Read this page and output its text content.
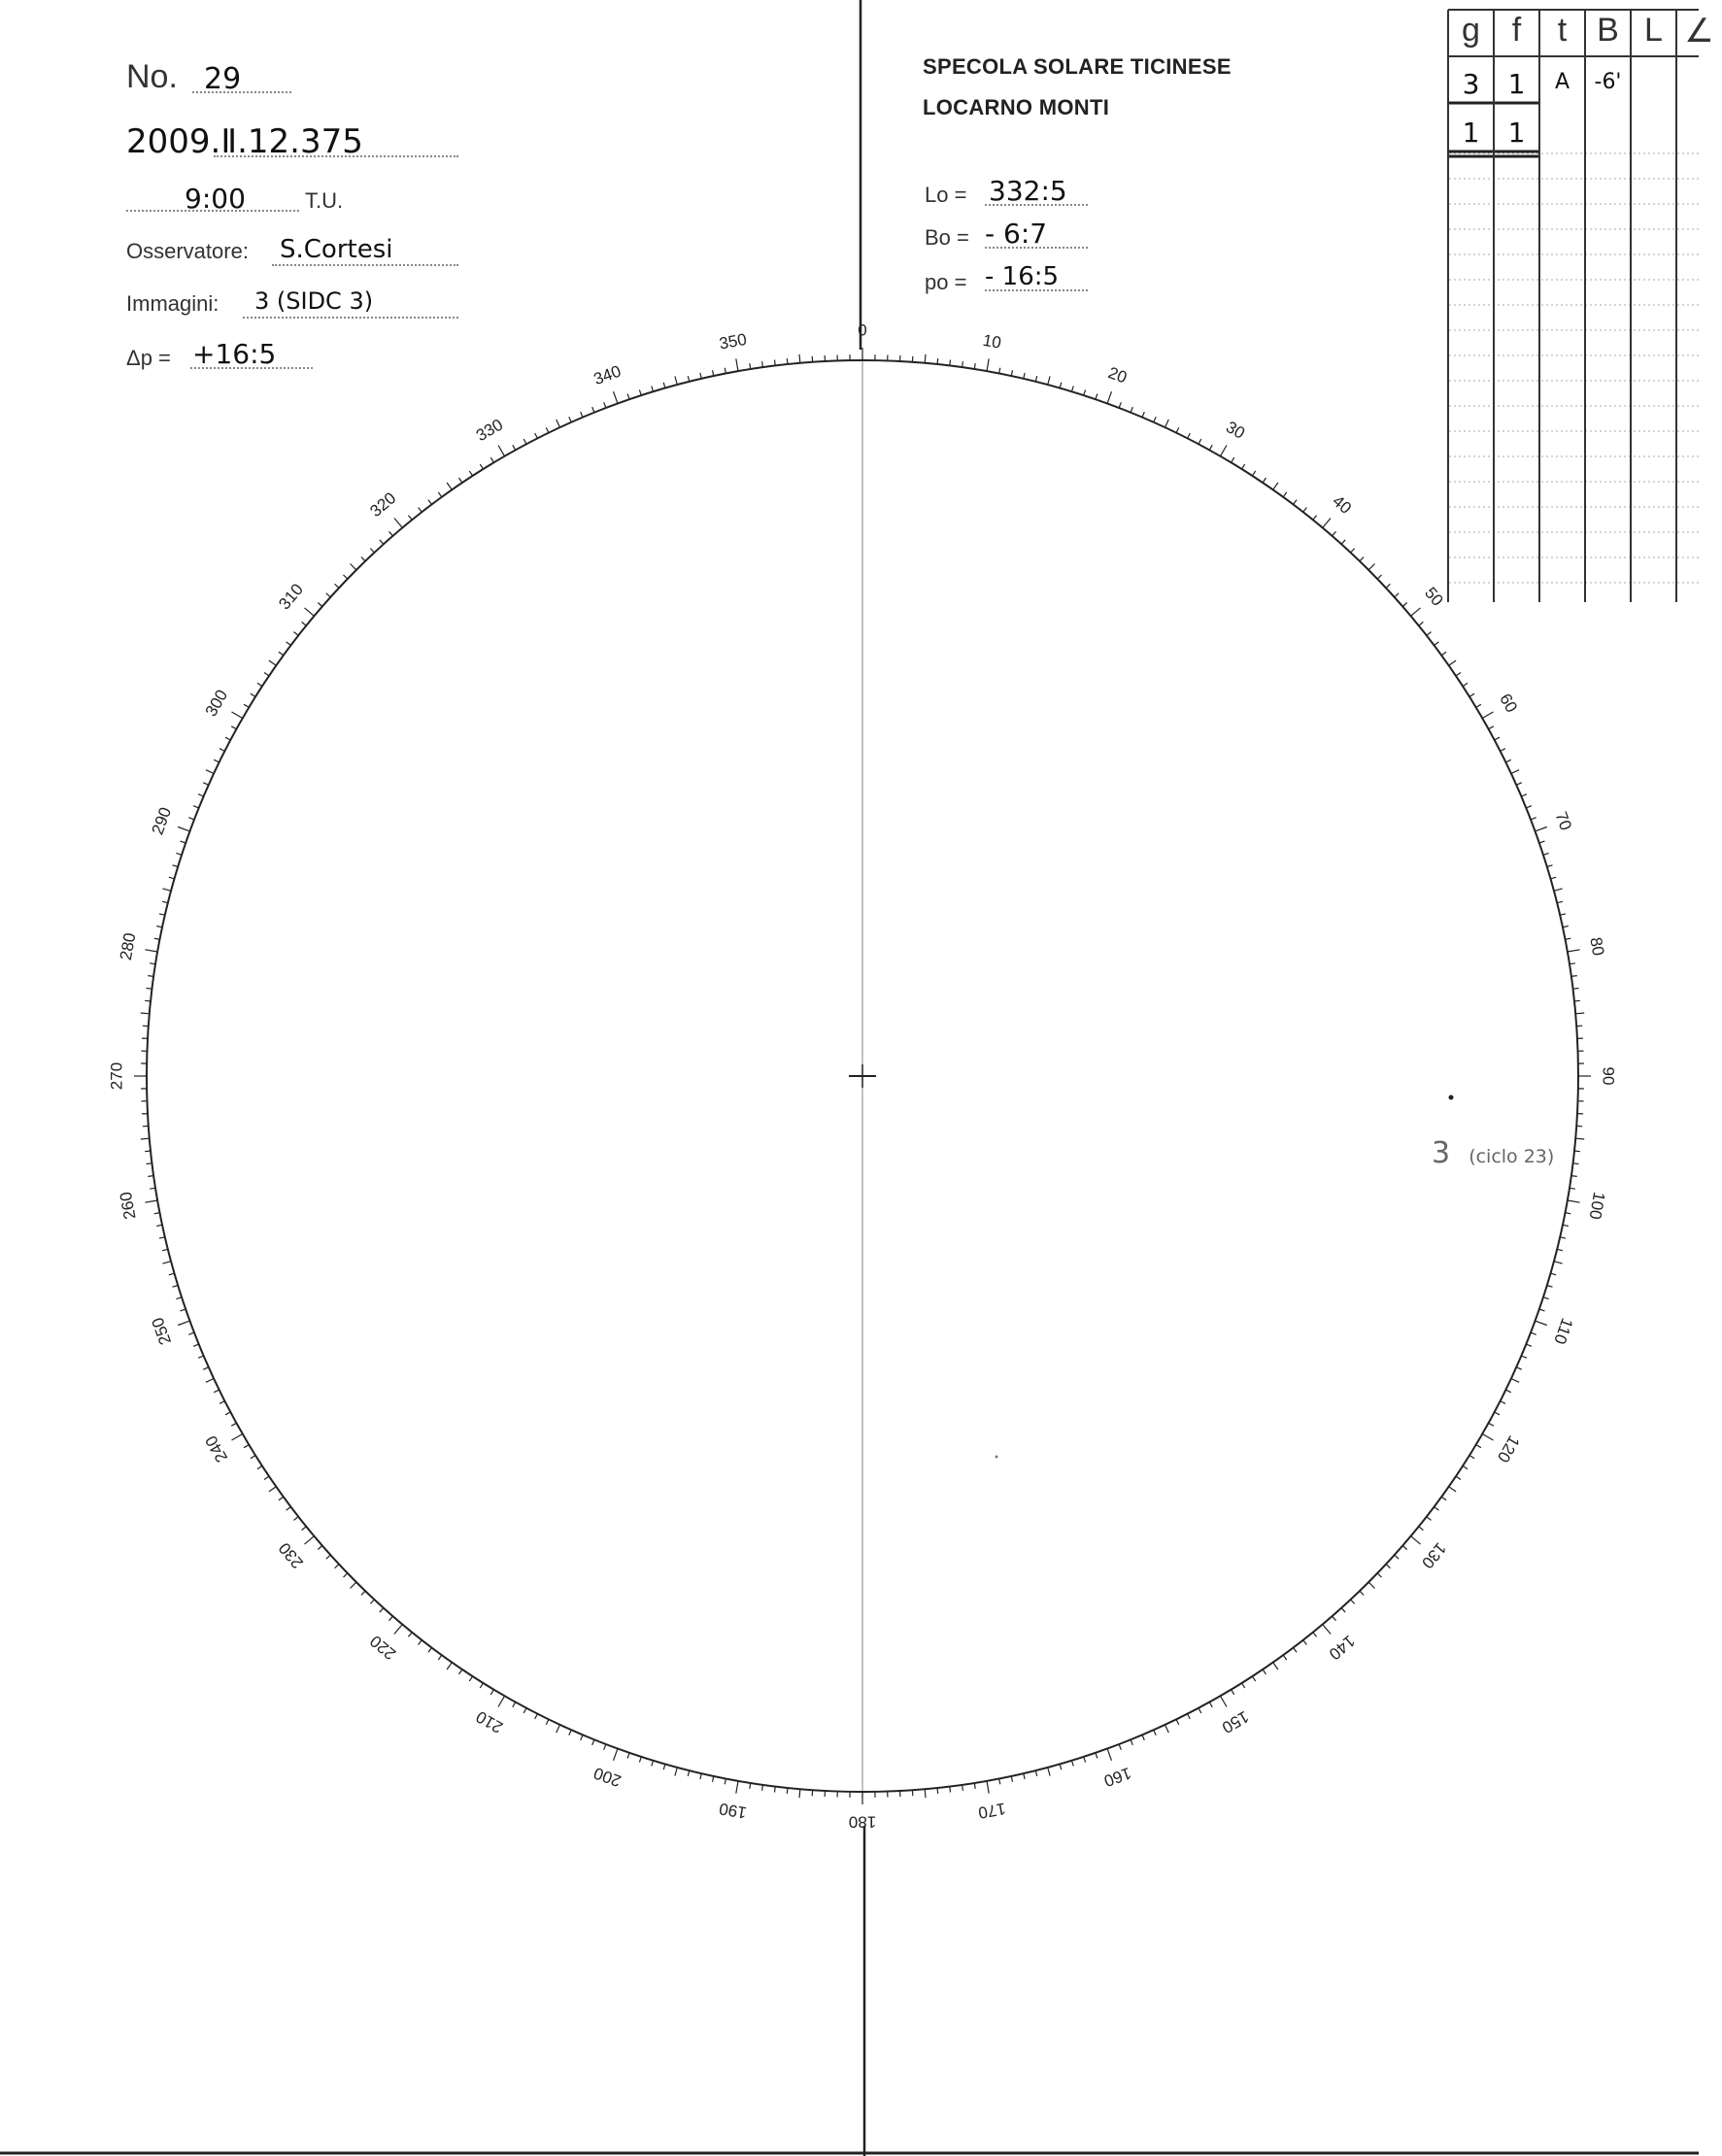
No. 29
2009.Ⅱ.12.375
9:00	T.U.
Osservatore: S.Cortesi
Immagini: 3 (SIDC 3)
Δp = +16:5
SPECOLA SOLARE TICINESE
LOCARNO MONTI
Lo = 332:5
Bo = - 6:7
po = - 16:5
g f	t B L ∠
3	1	A	-6'
1	1
0
10
20
30
40
50
60
70
80
90
100
110
120
130
140
150
160
170
180
190
200
210
220
230
240
250
260
270
280
290
300
310
320
330
340
350
3 (ciclo 23)
